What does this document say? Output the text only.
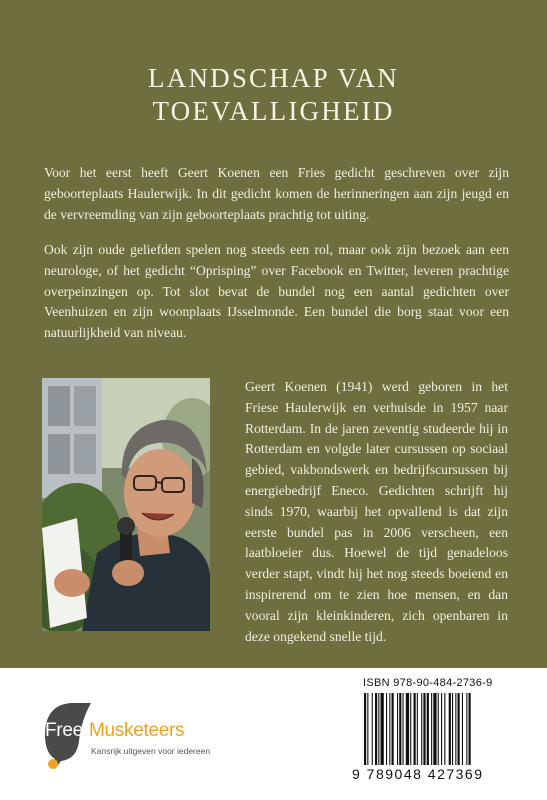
LANDSCHAP VAN
TOEVALLIGHEID

Voor het eerst heeft Geert Koenen een Fries gedicht geschreven over zijn geboorteplaats Haulerwijk. In dit gedicht komen de herinneringen aan zijn jeugd en de vervreemding van zijn geboorteplaats prachtig tot uiting.

Ook zijn oude geliefden spelen nog steeds een rol, maar ook zijn bezoek aan een neurologe, of het gedicht “Oprisping” over Facebook en Twitter, leveren prachtige overpeinzingen op. Tot slot bevat de bundel nog een aantal gedichten over Veenhuizen en zijn woonplaats IJsselmonde. Een bundel die borg staat voor een natuurlijkheid van niveau.

Geert Koenen (1941) werd geboren in het Friese Haulerwijk en verhuisde in 1957 naar Rotterdam. In de jaren zeventig studeerde hij in Rotterdam en volgde later cursussen op sociaal gebied, vakbondswerk en bedrijfscursussen bij energiebedrijf Eneco. Gedichten schrijft hij sinds 1970, waarbij het opvallend is dat zijn eerste bundel pas in 2006 verscheen, een laatbloeier dus. Hoewel de tijd genadeloos verder stapt, vindt hij het nog steeds boeiend en inspirerend om te zien hoe mensen, en dan vooral zijn kleinkinderen, zich openbaren in deze ongekend snelle tijd.

Free Musketeers
Kansrijk uitgeven voor iedereen
ISBN 978-90-484-2736-9
9 789048 427369
